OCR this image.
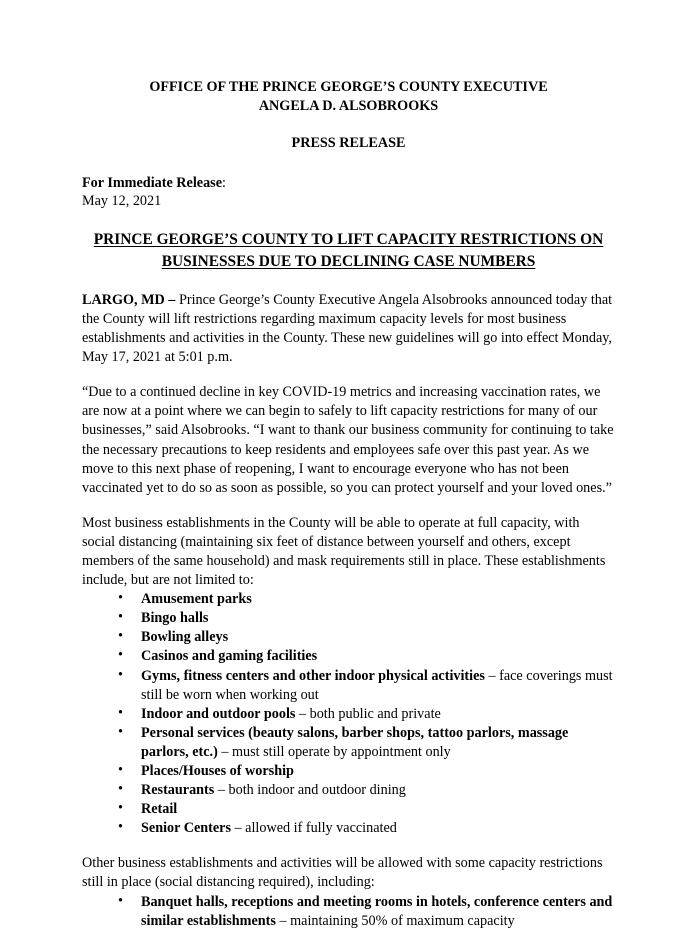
OFFICE OF THE PRINCE GEORGE’S COUNTY EXECUTIVE
ANGELA D. ALSOBROOKS
PRESS RELEASE
For Immediate Release:
May 12, 2021
PRINCE GEORGE’S COUNTY TO LIFT CAPACITY RESTRICTIONS ON BUSINESSES DUE TO DECLINING CASE NUMBERS

LARGO, MD – Prince George’s County Executive Angela Alsobrooks announced today that the County will lift restrictions regarding maximum capacity levels for most business establishments and activities in the County. These new guidelines will go into effect Monday, May 17, 2021 at 5:01 p.m.

“Due to a continued decline in key COVID-19 metrics and increasing vaccination rates, we are now at a point where we can begin to safely to lift capacity restrictions for many of our businesses,” said Alsobrooks. “I want to thank our business community for continuing to take the necessary precautions to keep residents and employees safe over this past year. As we move to this next phase of reopening, I want to encourage everyone who has not been vaccinated yet to do so as soon as possible, so you can protect yourself and your loved ones.”

Most business establishments in the County will be able to operate at full capacity, with social distancing (maintaining six feet of distance between yourself and others, except members of the same household) and mask requirements still in place. These establishments include, but are not limited to:

• Amusement parks
• Bingo halls
• Bowling alleys
• Casinos and gaming facilities
• Gyms, fitness centers and other indoor physical activities – face coverings must still be worn when working out
• Indoor and outdoor pools – both public and private
• Personal services (beauty salons, barber shops, tattoo parlors, massage parlors, etc.) – must still operate by appointment only
• Places/Houses of worship
• Restaurants – both indoor and outdoor dining
• Retail
• Senior Centers – allowed if fully vaccinated

Other business establishments and activities will be allowed with some capacity restrictions still in place (social distancing required), including:

• Banquet halls, receptions and meeting rooms in hotels, conference centers and similar establishments – maintaining 50% of maximum capacity
